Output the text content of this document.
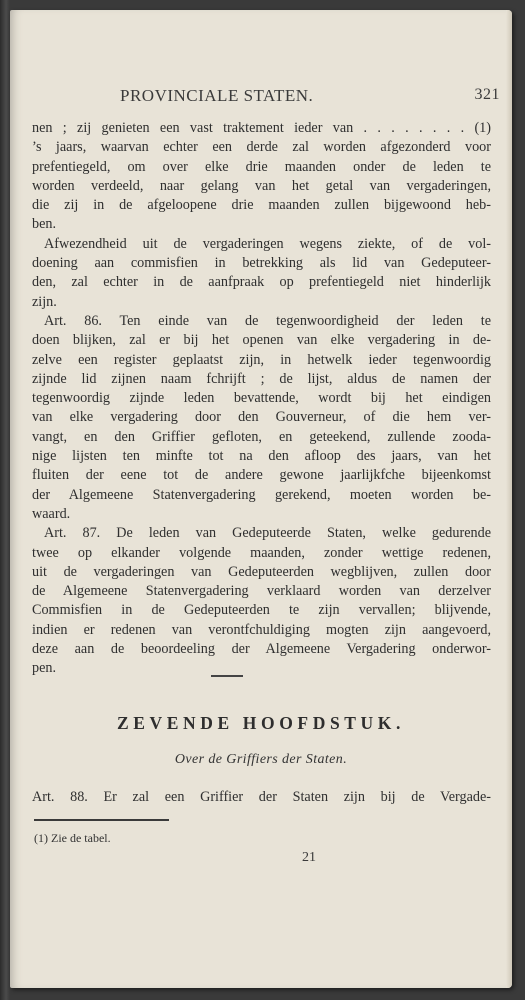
PROVINCIALE STATEN.	321
nen ; zij genieten een vast traktement ieder van . . . . . . . . (1)
’s jaars, waarvan echter een derde zal worden afgezonderd voor
prefentiegeld, om over elke drie maanden onder de leden te
worden verdeeld, naar gelang van het getal van vergaderingen,
die zij in de afgeloopene drie maanden zullen bijgewoond heb-
ben.
Afwezendheid uit de vergaderingen wegens ziekte, of de vol-
doening aan commisfien in betrekking als lid van Gedeputeer-
den, zal echter in de aanfpraak op prefentiegeld niet hinderlijk
zijn.
Art. 86. Ten einde van de tegenwoordigheid der leden te
doen blijken, zal er bij het openen van elke vergadering in de-
zelve een register geplaatst zijn, in hetwelk ieder tegenwoordig
zijnde lid zijnen naam fchrijft ; de lijst, aldus de namen der
tegenwoordig zijnde leden bevattende, wordt bij het eindigen
van elke vergadering door den Gouverneur, of die hem ver-
vangt, en den Griffier gefloten, en geteekend, zullende zooda-
nige lijsten ten minfte tot na den afloop des jaars, van het
fluiten der eene tot de andere gewone jaarlijkfche bijeenkomst
der Algemeene Statenvergadering gerekend, moeten worden be-
waard.
Art. 87. De leden van Gedeputeerde Staten, welke gedurende
twee op elkander volgende maanden, zonder wettige redenen,
uit de vergaderingen van Gedeputeerden wegblijven, zullen door
de Algemeene Statenvergadering verklaard worden van derzelver
Commisfien in de Gedeputeerden te zijn vervallen; blijvende,
indien er redenen van verontfchuldiging mogten zijn aangevoerd,
deze aan de beoordeeling der Algemeene Vergadering onderwor-
pen.
ZEVENDE HOOFDSTUK.
Over de Griffiers der Staten.
Art. 88. Er zal een Griffier der Staten zijn bij de Vergade-
(1) Zie de tabel.
21
